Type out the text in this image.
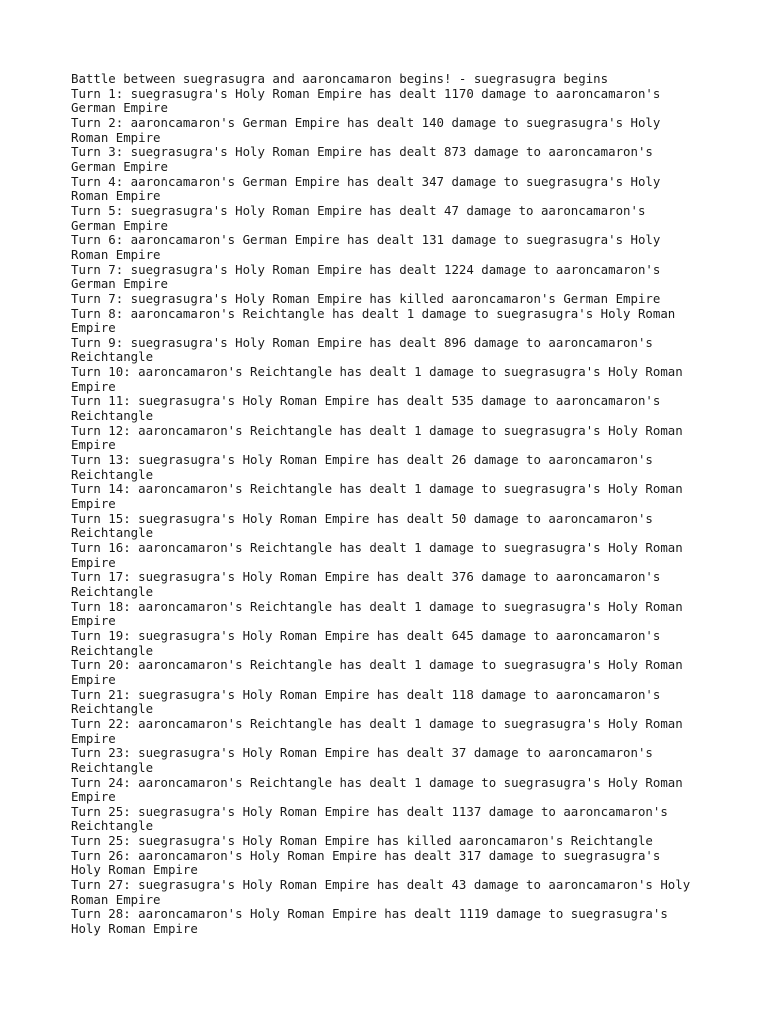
Battle between suegrasugra and aaroncamaron begins! - suegrasugra begins
Turn 1: suegrasugra's Holy Roman Empire has dealt 1170 damage to aaroncamaron's
German Empire
Turn 2: aaroncamaron's German Empire has dealt 140 damage to suegrasugra's Holy
Roman Empire
Turn 3: suegrasugra's Holy Roman Empire has dealt 873 damage to aaroncamaron's
German Empire
Turn 4: aaroncamaron's German Empire has dealt 347 damage to suegrasugra's Holy
Roman Empire
Turn 5: suegrasugra's Holy Roman Empire has dealt 47 damage to aaroncamaron's
German Empire
Turn 6: aaroncamaron's German Empire has dealt 131 damage to suegrasugra's Holy
Roman Empire
Turn 7: suegrasugra's Holy Roman Empire has dealt 1224 damage to aaroncamaron's
German Empire
Turn 7: suegrasugra's Holy Roman Empire has killed aaroncamaron's German Empire
Turn 8: aaroncamaron's Reichtangle has dealt 1 damage to suegrasugra's Holy Roman
Empire
Turn 9: suegrasugra's Holy Roman Empire has dealt 896 damage to aaroncamaron's
Reichtangle
Turn 10: aaroncamaron's Reichtangle has dealt 1 damage to suegrasugra's Holy Roman
Empire
Turn 11: suegrasugra's Holy Roman Empire has dealt 535 damage to aaroncamaron's
Reichtangle
Turn 12: aaroncamaron's Reichtangle has dealt 1 damage to suegrasugra's Holy Roman
Empire
Turn 13: suegrasugra's Holy Roman Empire has dealt 26 damage to aaroncamaron's
Reichtangle
Turn 14: aaroncamaron's Reichtangle has dealt 1 damage to suegrasugra's Holy Roman
Empire
Turn 15: suegrasugra's Holy Roman Empire has dealt 50 damage to aaroncamaron's
Reichtangle
Turn 16: aaroncamaron's Reichtangle has dealt 1 damage to suegrasugra's Holy Roman
Empire
Turn 17: suegrasugra's Holy Roman Empire has dealt 376 damage to aaroncamaron's
Reichtangle
Turn 18: aaroncamaron's Reichtangle has dealt 1 damage to suegrasugra's Holy Roman
Empire
Turn 19: suegrasugra's Holy Roman Empire has dealt 645 damage to aaroncamaron's
Reichtangle
Turn 20: aaroncamaron's Reichtangle has dealt 1 damage to suegrasugra's Holy Roman
Empire
Turn 21: suegrasugra's Holy Roman Empire has dealt 118 damage to aaroncamaron's
Reichtangle
Turn 22: aaroncamaron's Reichtangle has dealt 1 damage to suegrasugra's Holy Roman
Empire
Turn 23: suegrasugra's Holy Roman Empire has dealt 37 damage to aaroncamaron's
Reichtangle
Turn 24: aaroncamaron's Reichtangle has dealt 1 damage to suegrasugra's Holy Roman
Empire
Turn 25: suegrasugra's Holy Roman Empire has dealt 1137 damage to aaroncamaron's
Reichtangle
Turn 25: suegrasugra's Holy Roman Empire has killed aaroncamaron's Reichtangle
Turn 26: aaroncamaron's Holy Roman Empire has dealt 317 damage to suegrasugra's
Holy Roman Empire
Turn 27: suegrasugra's Holy Roman Empire has dealt 43 damage to aaroncamaron's Holy
Roman Empire
Turn 28: aaroncamaron's Holy Roman Empire has dealt 1119 damage to suegrasugra's
Holy Roman Empire
